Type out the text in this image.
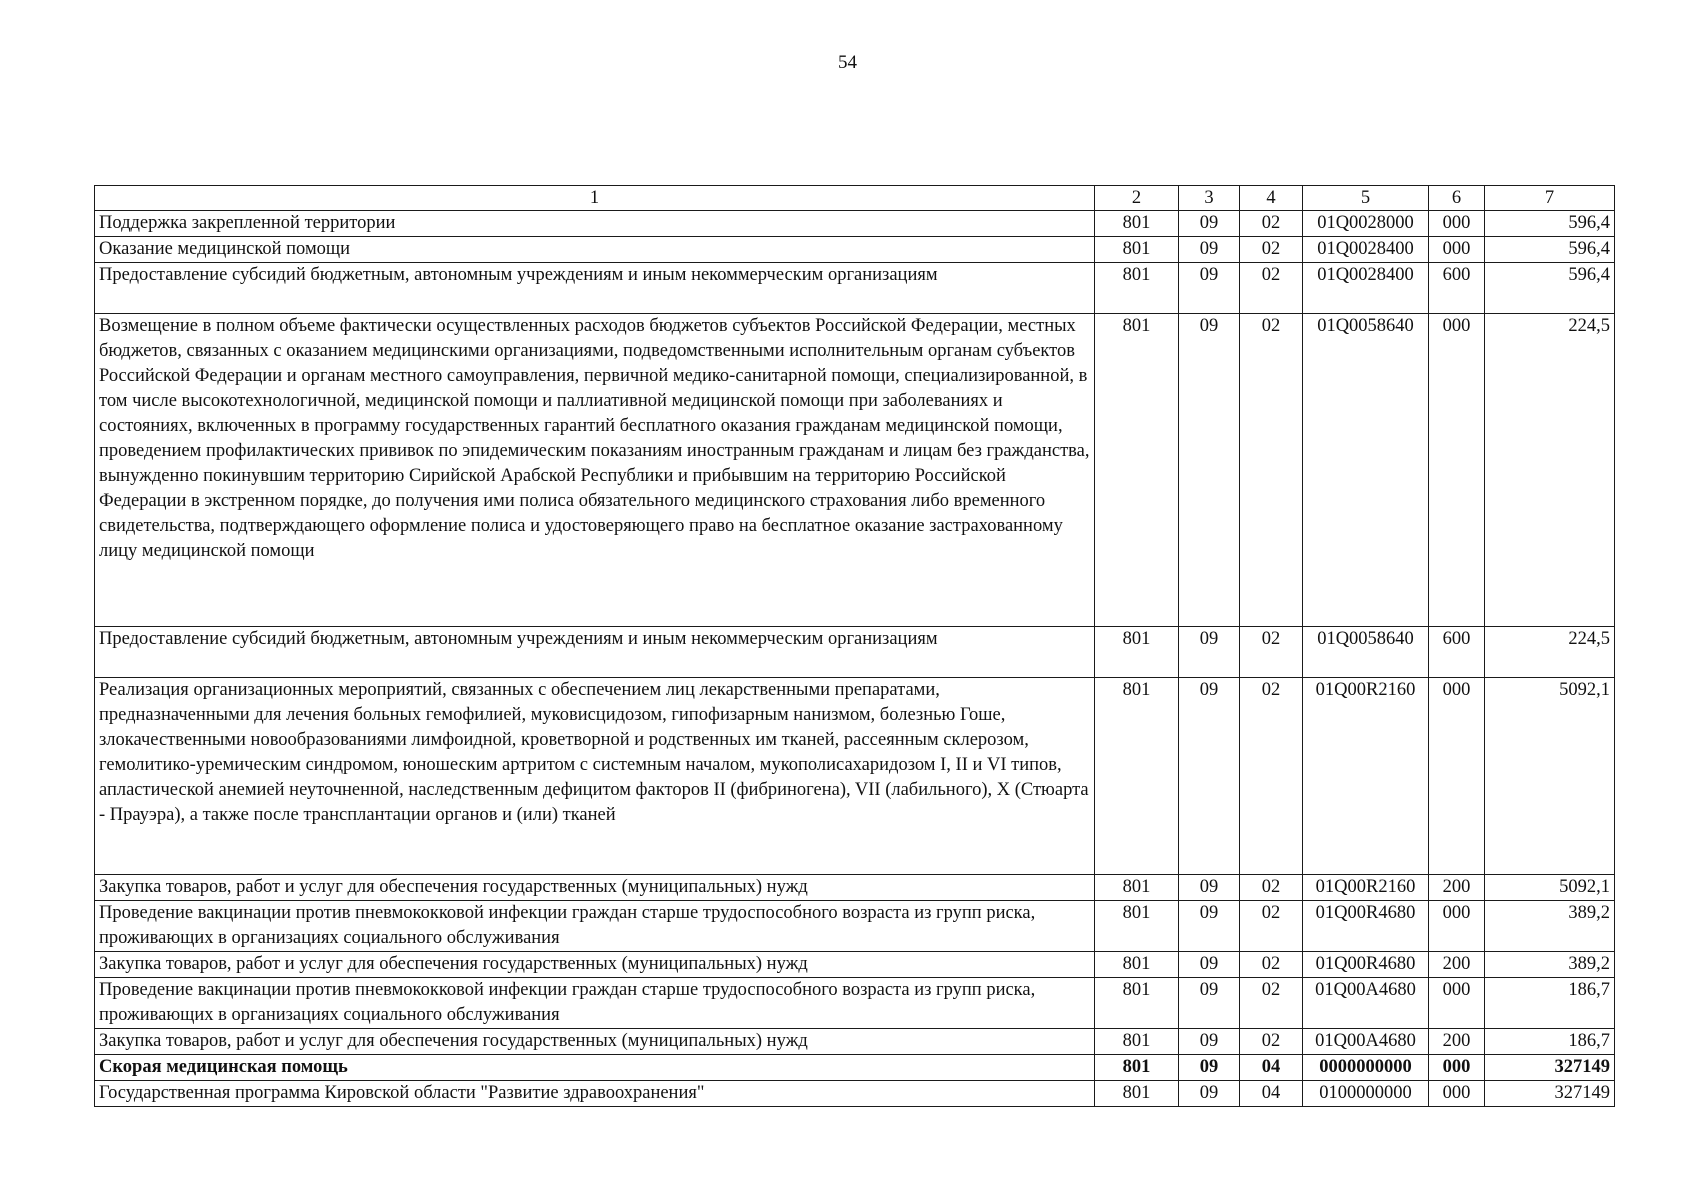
54
1	2	3	4	5	6	7
Поддержка закрепленной территории	801	09	02	01Q0028000	000	596,4
Оказание медицинской помощи	801	09	02	01Q0028400	000	596,4
Предоставление субсидий бюджетным, автономным учреждениям и иным некоммерческим организациям	801	09	02	01Q0028400	600	596,4
Возмещение в полном объеме фактически осуществленных расходов бюджетов субъектов Российской Федерации, местных бюджетов, связанных с оказанием медицинскими организациями, подведомственными исполнительным органам субъектов Российской Федерации и органам местного самоуправления, первичной медико-санитарной помощи, специализированной, в том числе высокотехнологичной, медицинской помощи и паллиативной медицинской помощи при заболеваниях и состояниях, включенных в программу государственных гарантий бесплатного оказания гражданам медицинской помощи, проведением профилактических прививок по эпидемическим показаниям иностранным гражданам и лицам без гражданства, вынужденно покинувшим территорию Сирийской Арабской Республики и прибывшим на территорию Российской Федерации в экстренном порядке, до получения ими полиса обязательного медицинского страхования либо временного свидетельства, подтверждающего оформление полиса и удостоверяющего право на бесплатное оказание застрахованному лицу медицинской помощи	801	09	02	01Q0058640	000	224,5
Предоставление субсидий бюджетным, автономным учреждениям и иным некоммерческим организациям	801	09	02	01Q0058640	600	224,5
Реализация организационных мероприятий, связанных с обеспечением лиц лекарственными препаратами, предназначенными для лечения больных гемофилией, муковисцидозом, гипофизарным нанизмом, болезнью Гоше, злокачественными новообразованиями лимфоидной, кроветворной и родственных им тканей, рассеянным склерозом, гемолитико-уремическим синдромом, юношеским артритом с системным началом, мукополисахаридозом I, II и VI типов, апластической анемией неуточненной, наследственным дефицитом факторов II (фибриногена), VII (лабильного), X (Стюарта - Прауэра), а также после трансплантации органов и (или) тканей	801	09	02	01Q00R2160	000	5092,1
Закупка товаров, работ и услуг для обеспечения государственных (муниципальных) нужд	801	09	02	01Q00R2160	200	5092,1
Проведение вакцинации против пневмококковой инфекции граждан старше трудоспособного возраста из групп риска, проживающих в организациях социального обслуживания	801	09	02	01Q00R4680	000	389,2
Закупка товаров, работ и услуг для обеспечения государственных (муниципальных) нужд	801	09	02	01Q00R4680	200	389,2
Проведение вакцинации против пневмококковой инфекции граждан старше трудоспособного возраста из групп риска, проживающих в организациях социального обслуживания	801	09	02	01Q00A4680	000	186,7
Закупка товаров, работ и услуг для обеспечения государственных (муниципальных) нужд	801	09	02	01Q00A4680	200	186,7
Скорая медицинская помощь	801	09	04	0000000000	000	327149
Государственная программа Кировской области "Развитие здравоохранения"	801	09	04	0100000000	000	327149
